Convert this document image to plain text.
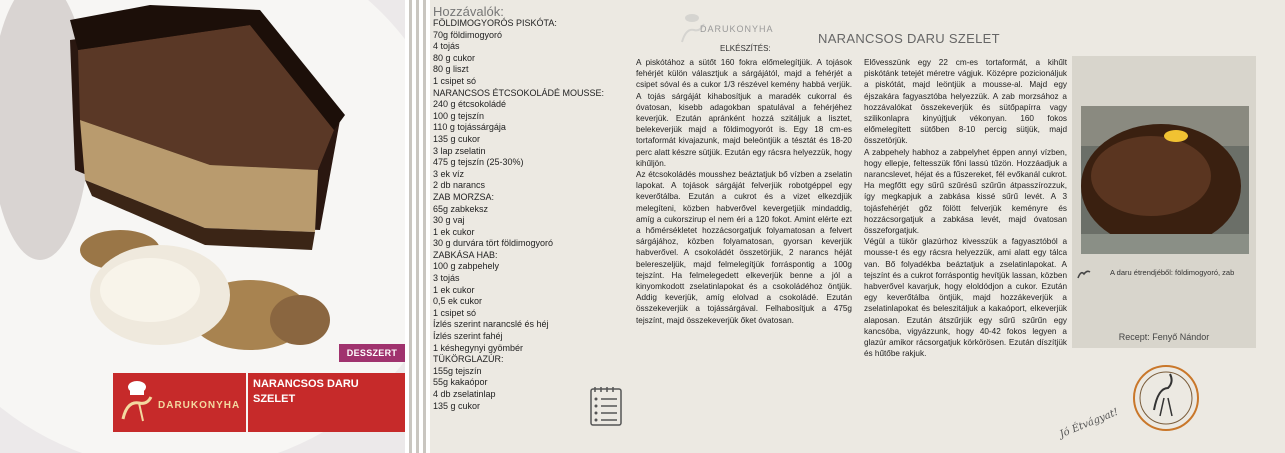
DESSZERT
DARUKONYHA
NARANCSOS DARU
SZELET
Hozzávalók:
FÖLDIMOGYORÓS PISKÓTA:
70g földimogyoró
4 tojás
80 g cukor
80 g liszt
1 csipet só
NARANCSOS ÉTCSOKOLÁDÉ MOUSSE:
240 g étcsokoládé
100 g tejszín
110 g tojássárgája
135 g cukor
3 lap zselatin
475 g tejszín (25-30%)
3 ek víz
2 db narancs
ZAB MORZSA:
65g zabkeksz
30 g vaj
1 ek cukor
30 g durvára tört földimogyoró
ZABKÁSA HAB:
100 g zabpehely
3 tojás
1 ek cukor
0,5 ek cukor
1 csipet só
Ízlés szerint narancslé és héj
Ízlés szerint fahéj
1 késhegynyi gyömbér
TÜKÖRGLAZÚR:
155g tejszín
55g kakaópor
4 db zselatinlap
135 g cukor
DARUKONYHA
ELKÉSZÍTÉS:
NARANCSOS DARU SZELET

A piskótához a sütőt 160 fokra előmelegítjük. A tojások fehérjét külön választjuk a sárgájától, majd a fehérjét a csipet sóval és a cukor 1/3 részével kemény habbá verjük. A tojás sárgáját kihabosítjuk a maradék cukorral és óvatosan, kisebb adagokban spatulával a fehérjéhez keverjük. Ezután apránként hozzá szitáljuk a lisztet, belekeverjük majd a földimogyorót is. Egy 18 cm-es tortaformát kivajazunk, majd beleöntjük a tésztát és 18-20 perc alatt készre sütjük. Ezután egy rácsra helyezzük, hogy kihűljön.

Az étcsokoládés mousshez beáztatjuk bő vízben a zselatin lapokat. A tojások sárgáját felverjük robotgéppel egy keverőtálba. Ezután a cukrot és a vizet elkezdjük melegíteni, közben habverővel kevergetjük mindaddig, amíg a cukorszirup el nem éri a 120 fokot. Amint elérte ezt a hőmérsékletet hozzácsorgatjuk folyamatosan a felvert sárgájához, közben folyamatosan, gyorsan keverjük habverővel. A csokoládét összetörjük, 2 narancs héját belereszeljük, majd felmelegítjük forráspontig a 100g tejszínt. Ha felmelegedett elkeverjük benne a jól a kinyomkodott zselatinlapokat és a csokoládéhoz öntjük. Addig keverjük, amíg elolvad a csokoládé. Ezután összekeverjük a tojássárgával. Felhabosítjuk a 475g tejszínt, majd összekeverjük őket óvatosan.

Elővesszünk egy 22 cm-es tortaformát, a kihűlt piskótánk tetejét méretre vágjuk. Középre pozicionáljuk a piskótát, majd leöntjük a mousse-al. Majd egy éjszakára fagyasztóba helyezzük. A zab morzsához a hozzávalókat összekeverjük és sütőpapírra vagy szilikonlapra kinyújtjuk vékonyan. 160 fokos előmelegített sütőben 8-10 percig sütjük, majd összetörjük.

A zabpehely habhoz a zabpelyhet éppen annyi vízben, hogy ellepje, feltesszük főni lassú tűzön. Hozzáadjuk a narancslevet, héjat és a fűszereket, fél evőkanál cukrot. Ha megfőtt egy sűrű szűrésű szűrűn átpasszírozzuk, így megkapjuk a zabkása kissé sűrű levét. A 3 tojásfehérjét gőz fölött felverjük keményre és hozzácsorgatjuk a zabkása levét, majd óvatosan összeforgatjuk.

Végül a tükör glazúrhoz kivesszük a fagyasztóból a mousse-t és egy rácsra helyezzük, ami alatt egy tálca van. Bő folyadékba beáztatjuk a zselatinlapokat. A tejszínt és a cukrot forráspontig hevítjük lassan, közben habverővel kavarjuk, hogy eloldódjon a cukor. Ezután egy keverőtálba öntjük, majd hozzákeverjük a zselatinlapokat és beleszitáljuk a kakaóport, elkeverjük alaposan. Ezután átszűrjük egy sűrű szűrűn egy kancsóba, vigyázzunk, hogy 40-42 fokos legyen a glazúr amikor rácsorgatjuk körkörösen. Ezután díszítjük és hűtőbe rakjuk.

A daru étrendjéből: földimogyoró, zab
Recept: Fenyő Nándor
Jó Étvágyat!
